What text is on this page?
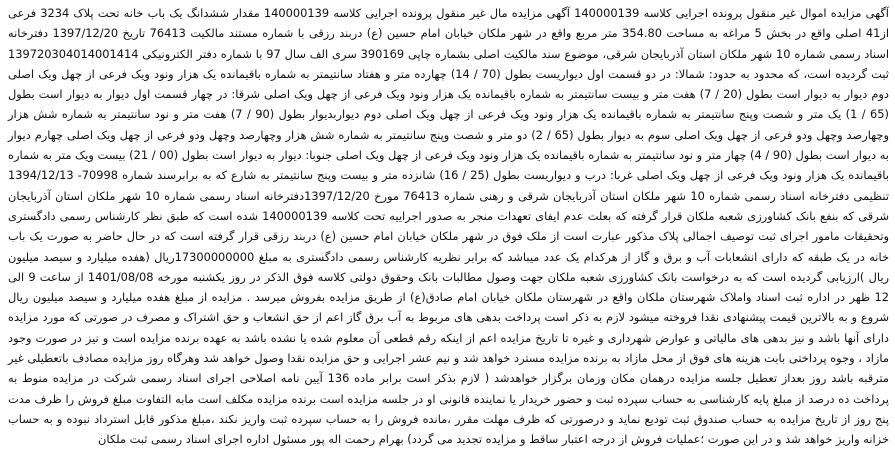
آگهی مزایده اموال غیر منقول پرونده اجرایی کلاسه 140000139 آگهی مزایده مال غیر منقول پرونده اجرایی کلاسه 140000139 مقدار ششدانگ یک باب خانه تحت پلاک 3234 فرعی از41 اصلی واقع در بخش 5 مراغه به مساحت 354.80 متر مربع واقع در شهر ملکان خیابان امام حسین (ع) دربند رزقی با شماره مستند مالکیت 76413 تاریخ 1397/12/20 دفترخانه اسناد رسمی شماره 10 شهر ملکان استان آذربایجان شرقی، موضوع سند مالکیت اصلی بشماره چاپی 390169 سری الف سال 97 با شماره دفتر الکترونیکی 13972030401400141‬4 ثبت گردیده است، که محدود به حدود: شمالا: در دو قسمت اول دیواریست بطول (70 / 14) چهارده متر و هفتاد سانتیمتر به شماره باقیمانده یک هزار ونود ویک فرعی از چهل ویک اصلی دوم دیوار به دیوار است بطول (20 / 7) هفت متر و بیست سانتیمتر به شماره باقیمانده یک هزار ونود ویک فرعی از چهل ویک اصلی شرقا: در چهار قسمت اول دیوار به دیوار است بطول (65 / 1) یک متر و شصت وپنج سانتیمتر به شماره باقیمانده یک هزار ونود ویک فرعی از چهل ویک اصلی دوم دیواربدیوار بطول (90 / 7) هفت متر و نود سانتیمتر به شماره شش هزار وچهارصد وچهل ودو فرعی از چهل ویک اصلی سوم به دیوار بطول (65 / 2) دو متر و شصت وپنج سانتیمتر به شماره شش هزار وچهارصد وچهل ودو فرعی از چهل ویک اصلی چهارم دیوار به دیوار است بطول (90 / 4) چهار متر و نود سانتیمتر به شماره باقیمانده یک هزار ونود ویک فرعی از چهل ویک اصلی جنوبا: دیوار به دیوار است بطول (00 / 21) بیست ویک متر به شماره باقیمانده یک هزار ونود ویک فرعی از چهل ویک اصلی غربا: درب و دیواریست بطول (25 / 16) شانزده متر و بیست وپنج سانتیمتر به شارع که به برابرسند شماره 70998- 1394/12/13 تنظیمی دفترخانه اسناد رسمی شماره 10 شهر ملکان استان آذربایجان شرقی و رهنی شماره 76413 مورخ 1397/12/20دفترخانه اسناد رسمی شماره 10 شهر ملکان استان آذربایجان شرقی که بنفع بانک کشاورزی شعبه ملکان قرار گرفته که بعلت عدم ایفای تعهدات منجر به صدور اجراییه تحت کلاسه 140000139 شده است که طبق نظر کارشناس رسمی دادگستری وتحقیقات مامور اجرای ثبت توصیف اجمالی پلاک مذکور عبارت است از ملک فوق در شهر ملکان خیابان امام حسین (ع) دربند رزقی قرار گرفته است که در حال حاضر به صورت یک باب خانه در یک طبقه که دارای انشعابات آب و برق و گاز از هرکدام یک عدد میباشد که برابر نظریه کارشناس رسمی دادگستری به مبلغ 17300000000ریال (هفده میلیارد و سیصد میلیون ریال )ارزیابی گردیده است که به درخواست بانک کشاورزی شعبه ملکان جهت وصول مطالبات بانک وحقوق دولتی کلاسه فوق الذکر در روز یکشنبه مورخه 1401/08/08 از ساعت 9 الی 12 ظهر در اداره ثبت اسناد واملاک شهرستان ملکان واقع در شهرستان ملکان خیابان امام صادق(ع) از طریق مزایده بفروش میرسد . مزایده از مبلغ هفده میلیارد و سیصد میلیون ریال شروع و به بالاترین قیمت پیشنهادی نقدا فروخته میشود لازم به ذکر است پرداخت بدهی های مربوط به آب برق گاز اعم از حق انشعاب و حق اشتراک و مصرف در صورتی که مورد مزایده دارای آنها باشد و نیز بدهی های مالیاتی و عوارض شهرداری و غیره تا تاریخ مزایده اعم از اینکه رقم قطعی آن معلوم شده یا نشده باشد به عهده برنده مزایده است و نیز در صورت وجود مازاد ، وجوه پرداختی بابت هزینه های فوق از محل مازاد به برنده مزایده مسترد خواهد شد و نیم عشر اجرایی و حق مزایده نقدا وصول خواهد شد وهرگاه روز مزایده مصادف باتعطیلی غیر مترقبه باشد روز بعداز تعطیل جلسه مزایده درهمان مکان وزمان برگزار خواهدشد ( لازم بذکر است برابر ماده 136 آیین نامه اصلاحی اجرای اسناد رسمی شرکت در مزایده منوط به پرداخت ده درصد از مبلغ پایه کارشناسی به حساب سپرده ثبت و حضور خریدار یا نماینده قانونی او در جلسه مزایده است برنده مزایده مکلف است مابه التفاوت مبلغ فروش را ظرف مدت پنج روز از تاریخ مزایده به حساب صندوق ثبت تودیع نماید و درصورتی که ظرف مهلت مقرر ،مانده فروش را به حساب سپرده ثبت واریز نکند ،مبلغ مذکور قابل استرداد نبوده و به حساب خزانه واریز خواهد شد و در این صورت ؛عملیات فروش از درجه اعتبار ساقط و مزایده تجدید می گردد) بهرام رحمت اله پور مسئول اداره اجرای اسناد رسمی ثبت ملکان
